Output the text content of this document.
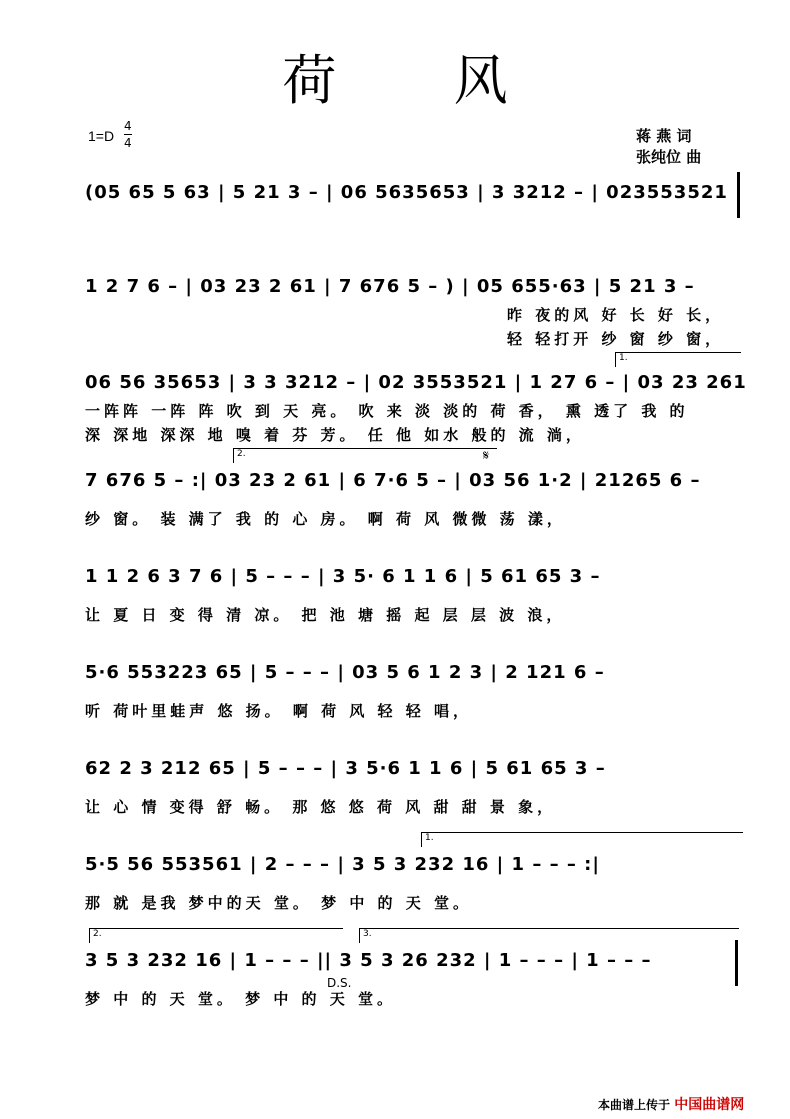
荷 风
1=D
4
4	蒋 燕 词
张纯位 曲
(05 65 5 63 | 5 21 3 – | 06 5635653 | 3 3212 – | 023553521
1 2 7 6 – | 03 23 2 61 | 7 676 5 – ) | 05 655·63 | 5 21 3 –
昨 夜的风 好 长 好 长，
轻 轻打开 纱 窗 纱 窗，
1.
06 56 35653 | 3 3 3212 – | 02 3553521 | 1 27 6 – | 03 23 261
一阵阵 一阵 阵 吹 到 天 亮。 吹 来 淡 淡的 荷 香， 熏 透了 我 的
深 深地 深深 地 嗅 着 芬 芳。 任 他 如水 般的 流 淌，
2.	𝄋
7 676 5 – :| 03 23 2 61 | 6 7·6 5 – | 03 56 1·2 | 21265 6 –
纱 窗。 装 满了 我 的 心 房。 啊 荷 风 微微 荡 漾，
1 1 2 6 3 7 6 | 5 – – – | 3 5· 6 1 1 6 | 5 61 65 3 –
让 夏 日 变 得 清 凉。 把 池 塘 摇 起 层 层 波 浪，
5·6 553223 65 | 5 – – – | 03 5 6 1 2 3 | 2 121 6 –
听 荷叶里蛙声 悠 扬。 啊 荷 风 轻 轻 唱，
62 2 3 212 65 | 5 – – – | 3 5·6 1 1 6 | 5 61 65 3 –
让 心 情 变得 舒 畅。 那 悠 悠 荷 风 甜 甜 景 象，
1.
5·5 56 553561 | 2 – – – | 3 5 3 232 16 | 1 – – – :|
那 就 是我 梦中的天 堂。 梦 中 的 天 堂。
2.	3.
3 5 3 232 16 | 1 – – – || 3 5 3 26 232 | 1 – – – | 1 – – –
D.S.
梦 中 的 天 堂。 梦 中 的 天 堂。
本曲谱上传于 中国曲谱网
